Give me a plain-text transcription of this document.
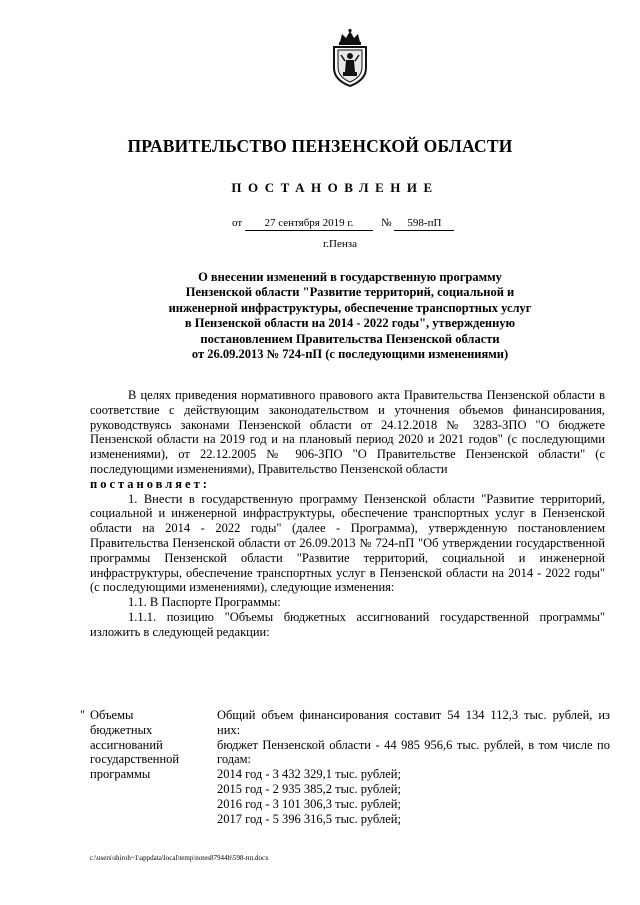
ПРАВИТЕЛЬСТВО ПЕНЗЕНСКОЙ ОБЛАСТИ
ПОСТАНОВЛЕНИЕ
от 27 сентября 2019 г.	№ 598-пП
г.Пенза
О внесении изменений в государственную программу
Пензенской области "Развитие территорий, социальной и
инженерной инфраструктуры, обеспечение транспортных услуг
в Пензенской области на 2014 - 2022 годы", утвержденную
постановлением Правительства Пензенской области
от 26.09.2013 № 724-пП (с последующими изменениями)

В целях приведения нормативного правового акта Правительства Пензенской области в соответствие с действующим законодательством и уточнения объемов финансирования, руководствуясь законами Пензенской области от 24.12.2018 № 3283-ЗПО "О бюджете Пензенской области на 2019 год и на плановый период 2020 и 2021 годов" (с последующими изменениями), от 22.12.2005 № 906-ЗПО "О Правительстве Пензенской области" (с последующими изменениями), Правительство Пензенской области

постановляет:

1. Внести в государственную программу Пензенской области "Развитие территорий, социальной и инженерной инфраструктуры, обеспечение транспортных услуг в Пензенской области на 2014 - 2022 годы" (далее - Программа), утвержденную постановлением Правительства Пензенской области от 26.09.2013 № 724-пП "Об утверждении государственной программы Пензенской области "Развитие территорий, социальной и инженерной инфраструктуры, обеспечение транспортных услуг в Пензенской области на 2014 - 2022 годы" (с последующими изменениями), следующие изменения:

1.1. В Паспорте Программы:

1.1.1. позицию "Объемы бюджетных ассигнований государственной программы" изложить в следующей редакции:

" Объемы
бюджетных
ассигнований
государственной
программы
Общий объем финансирования составит 54 134 112,3 тыс. рублей, из них:
бюджет Пензенской области - 44 985 956,6 тыс. рублей, в том числе по годам:
2014 год - 3 432 329,1 тыс. рублей;
2015 год - 2 935 385,2 тыс. рублей;
2016 год - 3 101 306,3 тыс. рублей;
2017 год - 5 396 316,5 тыс. рублей;
c:\users\shiroh~1\appdata\local\temp\notes87944b\598-пп.docx
